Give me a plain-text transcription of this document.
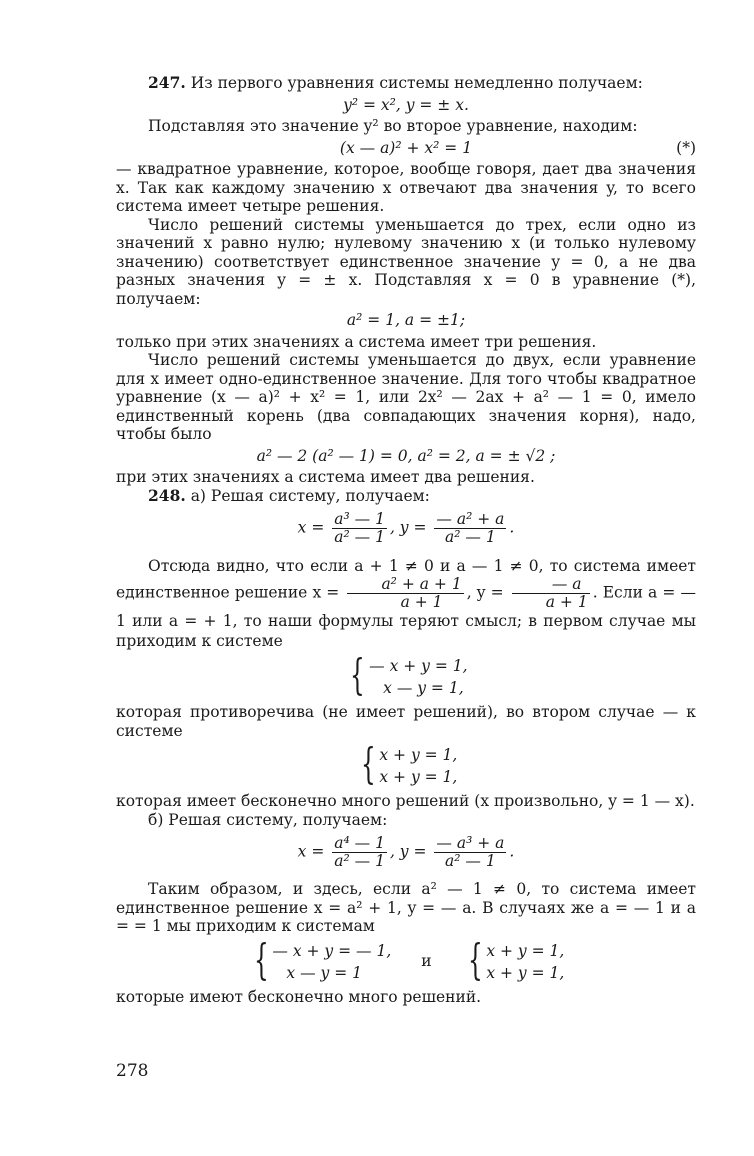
247. Из первого уравнения системы немедленно получаем:

y² = x², y = ± x.

Подставляя это значение y² во второе уравнение, находим:

(x — a)² + x² = 1	(*)

— квадратное уравнение, которое, вообще говоря, дает два значения x. Так как каждому значению x отвечают два значения y, то всего система имеет четыре решения.

Число решений системы уменьшается до трех, если одно из значений x равно нулю; нулевому значению x (и только нулевому значению) соответствует единственное значение y = 0, а не два разных значения y = ± x. Подставляя x = 0 в уравнение (*), получаем:

a² = 1, a = ±1;

только при этих значениях a система имеет три решения.

Число решений системы уменьшается до двух, если уравнение для x имеет одно-единственное значение. Для того чтобы квадратное уравнение (x — a)² + x² = 1, или 2x² — 2ax + a² — 1 = 0, имело единственный корень (два совпадающих значения корня), надо, чтобы было

a² — 2 (a² — 1) = 0, a² = 2, a = ± √2 ;

при этих значениях a система имеет два решения.

248. а) Решая систему, получаем:

$x = \frac{\text{a³ — 1}}{\text{a² — 1}}$ , $y = \frac{\text{— a² + a}}{\text{a² — 1}}$ .

Отсюда видно, что если a + 1 ≠ 0 и a — 1 ≠ 0, то система имеет единственное решение $x = \frac{\text{a² + a + 1}}{a + 1}$ , $y = \frac{— a}{a + 1}$ . Если a = — 1 или a = + 1, то наши формулы теряют смысл; в первом случае мы приходим к системе

{ — x + y = 1,
x — y = 1,

которая противоречива (не имеет решений), во втором случае — к системе

{ x + y = 1,
x + y = 1,

которая имеет бесконечно много решений (x произвольно, y = 1 — x).

б) Решая систему, получаем:

$x = \frac{\text{a⁴ — 1}}{\text{a² — 1}}$ , $y = \frac{\text{— a³ + a}}{\text{a² — 1}}$ .

Таким образом, и здесь, если a² — 1 ≠ 0, то система имеет единственное решение x = a² + 1, y = — a. В случаях же a = — 1 и a = = 1 мы приходим к системам

{ — x + y = — 1,
x — y = 1
и { x + y = 1,
x + y = 1,

которые имеют бесконечно много решений.

278
